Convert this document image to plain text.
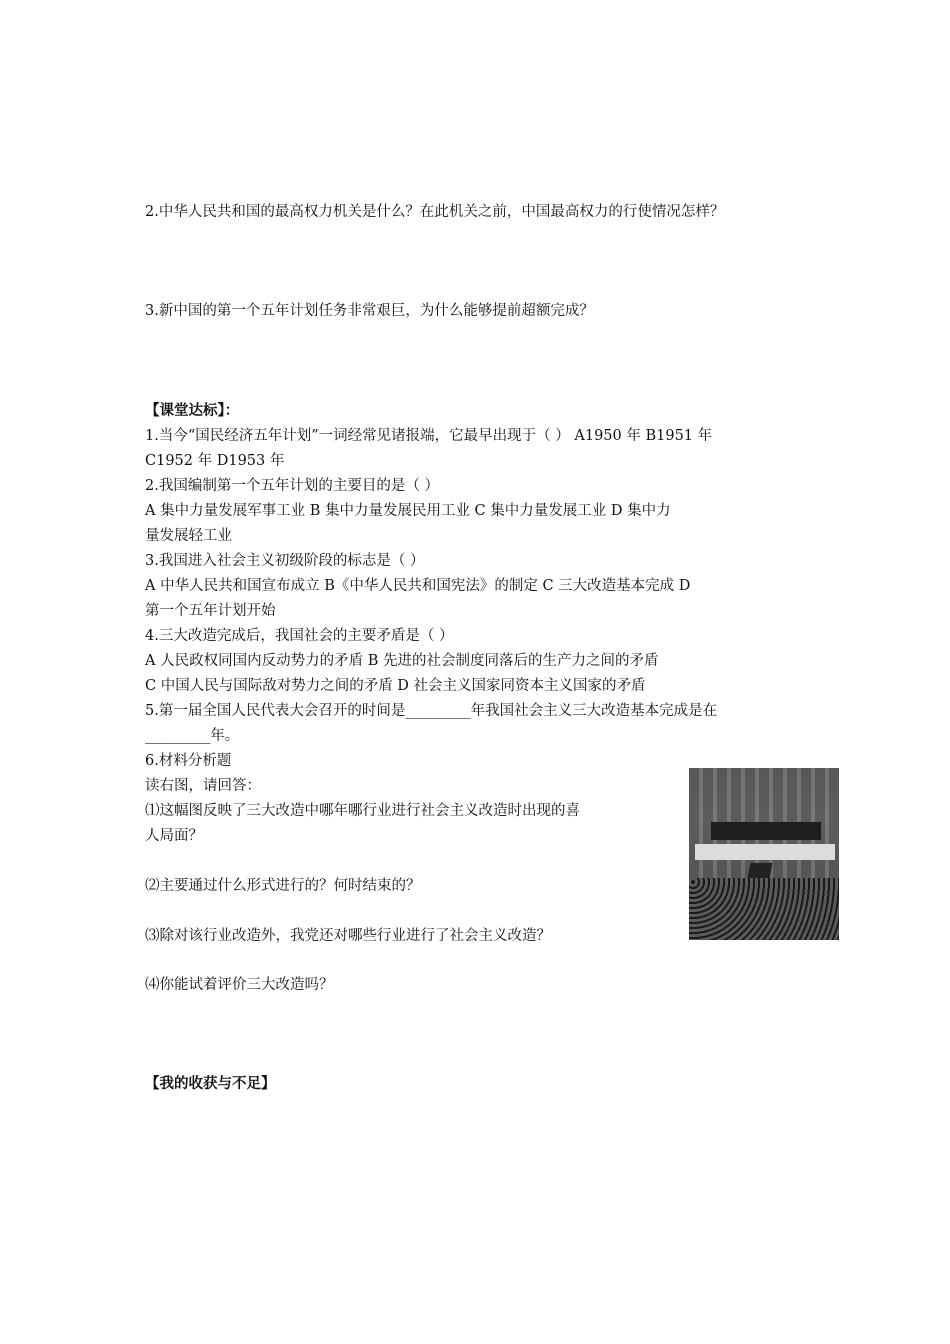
2.中华人民共和国的最高权力机关是什么？在此机关之前，中国最高权力的行使情况怎样？
3.新中国的第一个五年计划任务非常艰巨，为什么能够提前超额完成？
【课堂达标】：
1.当今“国民经济五年计划”一词经常见诸报端，它最早出现于（ ） A1950 年 B1951 年
C1952 年 D1953 年
2.我国编制第一个五年计划的主要目的是（ ）
A 集中力量发展军事工业 B 集中力量发展民用工业 C 集中力量发展工业 D 集中力
量发展轻工业
3.我国进入社会主义初级阶段的标志是（ ）
A 中华人民共和国宣布成立 B《中华人民共和国宪法》的制定 C 三大改造基本完成 D
第一个五年计划开始
4.三大改造完成后，我国社会的主要矛盾是（ ）
A 人民政权同国内反动势力的矛盾 B 先进的社会制度同落后的生产力之间的矛盾
C 中国人民与国际敌对势力之间的矛盾 D 社会主义国家同资本主义国家的矛盾
5.第一届全国人民代表大会召开的时间是_________年我国社会主义三大改造基本完成是在
_________年。
6.材料分析题
读右图，请回答：
⑴这幅图反映了三大改造中哪年哪行业进行社会主义改造时出现的喜
人局面？
⑵主要通过什么形式进行的？何时结束的？
⑶除对该行业改造外，我党还对哪些行业进行了社会主义改造？
⑷你能试着评价三大改造吗？
【我的收获与不足】
